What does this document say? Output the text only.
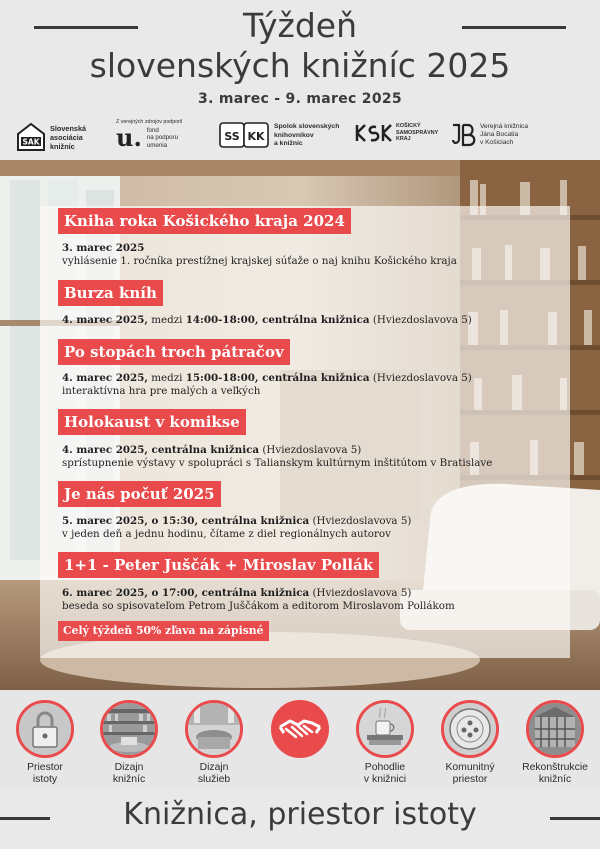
Týždeň
slovenských knižníc 2025
3. marec - 9. marec 2025
SAK
Slovenská
asociácia
knižníc
Z verejných zdrojov podporil
u. fond
na podporu
umenia
SS KK
Spolok slovenských
knihovníkov
a knižníc
KOŠICKÝ
SAMOSPRÁVNY
KRAJ
Verejná knižnica
Jána Bocatia
v Košiciach
Kniha roka Košického kraja 2024
3. marec 2025
vyhlásenie 1. ročníka prestížnej krajskej súťaže o naj knihu Košického kraja
Burza kníh
4. marec 2025, medzi 14:00-18:00, centrálna knižnica (Hviezdoslavova 5)
Po stopách troch pátračov
4. marec 2025, medzi 15:00-18:00, centrálna knižnica (Hviezdoslavova 5)
interaktívna hra pre malých a veľkých
Holokaust v komikse
4. marec 2025, centrálna knižnica (Hviezdoslavova 5)
sprístupnenie výstavy v spolupráci s Talianskym kultúrnym inštitútom v Bratislave
Je nás počuť 2025
5. marec 2025, o 15:30, centrálna knižnica (Hviezdoslavova 5)
v jeden deň a jednu hodinu, čítame z diel regionálnych autorov
1+1 - Peter Juščák + Miroslav Pollák
6. marec 2025, o 17:00, centrálna knižnica (Hviezdoslavova 5)
beseda so spisovateľom Petrom Juščákom a editorom Miroslavom Pollákom
Celý týždeň 50% zľava na zápisné
Priestor
istoty
Dizajn
knižníc
Dizajn
služieb
Pohodlie
v knižnici
Komunitný
priestor
Rekonštrukcie
knižníc
Knižnica, priestor istoty
